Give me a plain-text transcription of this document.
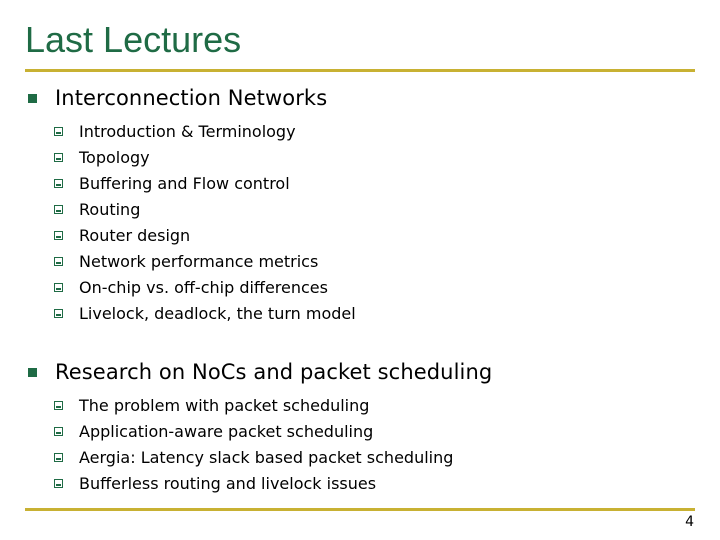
Last Lectures
Interconnection Networks
Introduction & Terminology
Topology
Buffering and Flow control
Routing
Router design
Network performance metrics
On-chip vs. off-chip differences
Livelock, deadlock, the turn model
Research on NoCs and packet scheduling
The problem with packet scheduling
Application-aware packet scheduling
Aergia: Latency slack based packet scheduling
Bufferless routing and livelock issues
4
